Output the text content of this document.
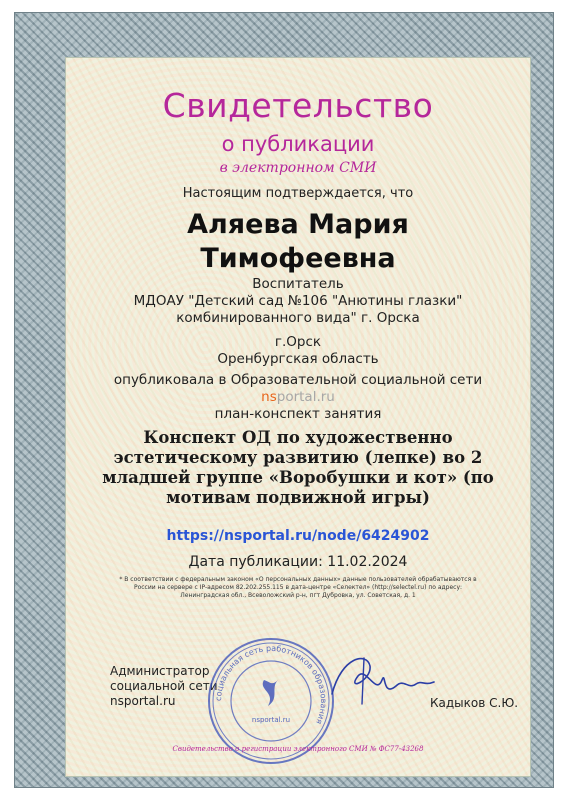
Свидетельство
о публикации
в электронном СМИ
Настоящим подтверждается, что
Аляева Мария
Тимофеевна
Воспитатель
МДОАУ "Детский сад №106 "Анютины глазки" комбинированного вида" г. Орска
г.Орск
Оренбургская область
опубликовала в Образовательной социальной сети nsportal.ru
план-конспект занятия
Конспект ОД по художественно эстетическому развитию (лепке) во 2 младшей группе «Воробушки и кот» (по мотивам подвижной игры)
https://nsportal.ru/node/6424902
Дата публикации: 11.02.2024
* В соответствии с федеральным законом «О персональных данных» данные пользователей обрабатываются в России на сервере с IP-адресом 82.202.255.115 в дата-центре «Селектел» (http://selectel.ru) по адресу: Ленинградская обл., Всеволожский р-н, пгт Дубровка, ул. Советская, д. 1
Администратор
социальной сети
nsportal.ru	социальная сеть работников образования
nsportal.ru
Кадыков С.Ю.
Свидетельство о регистрации электронного СМИ № ФС77-43268
